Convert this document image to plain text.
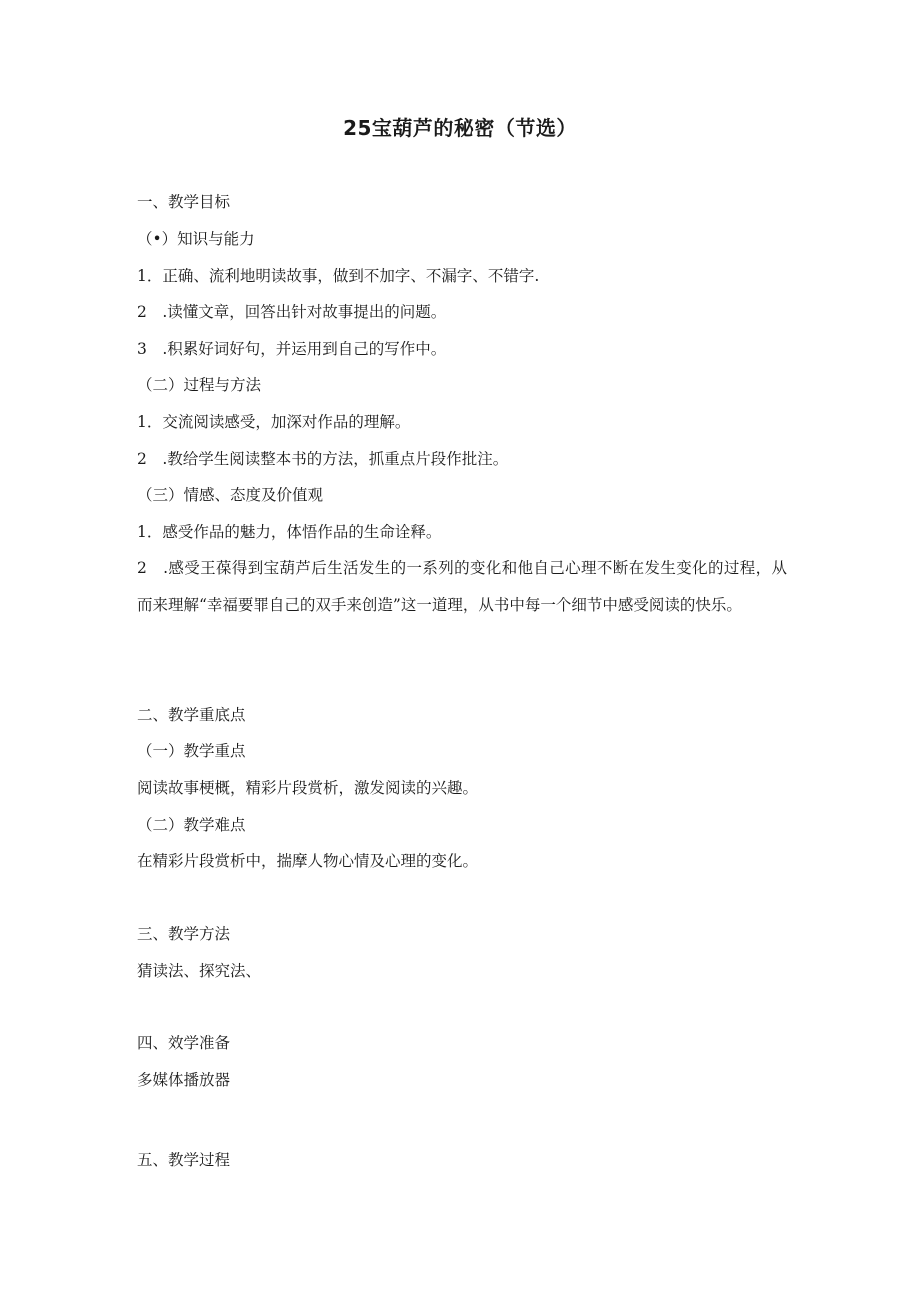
25宝葫芦的秘密（节选）
一、教学目标
（•）知识与能力
1．正确、流利地明读故事，做到不加字、不漏字、不错字.
2　.读懂文章，回答出针对故事提出的问题。
3　.积累好词好句，并运用到自己的写作中。
（二）过程与方法
1．交流阅读感受，加深对作品的理解。
2　.教给学生阅读整本书的方法，抓重点片段作批注。
（三）情感、态度及价值观
1．感受作品的魅力，体悟作品的生命诠释。
2　.感受王葆得到宝葫芦后生活发生的一系列的变化和他自己心理不断在发生变化的过程，从而来理解“幸福要罪自己的双手来创造”这一道理，从书中每一个细节中感受阅读的快乐。
二、教学重底点
（一）教学重点
阅读故事梗概，精彩片段赏析，激发阅读的兴趣。
（二）教学难点
在精彩片段赏析中，揣摩人物心情及心理的变化。
三、教学方法
猜读法、探究法、
四、效学准备
多媒体播放器
五、教学过程
